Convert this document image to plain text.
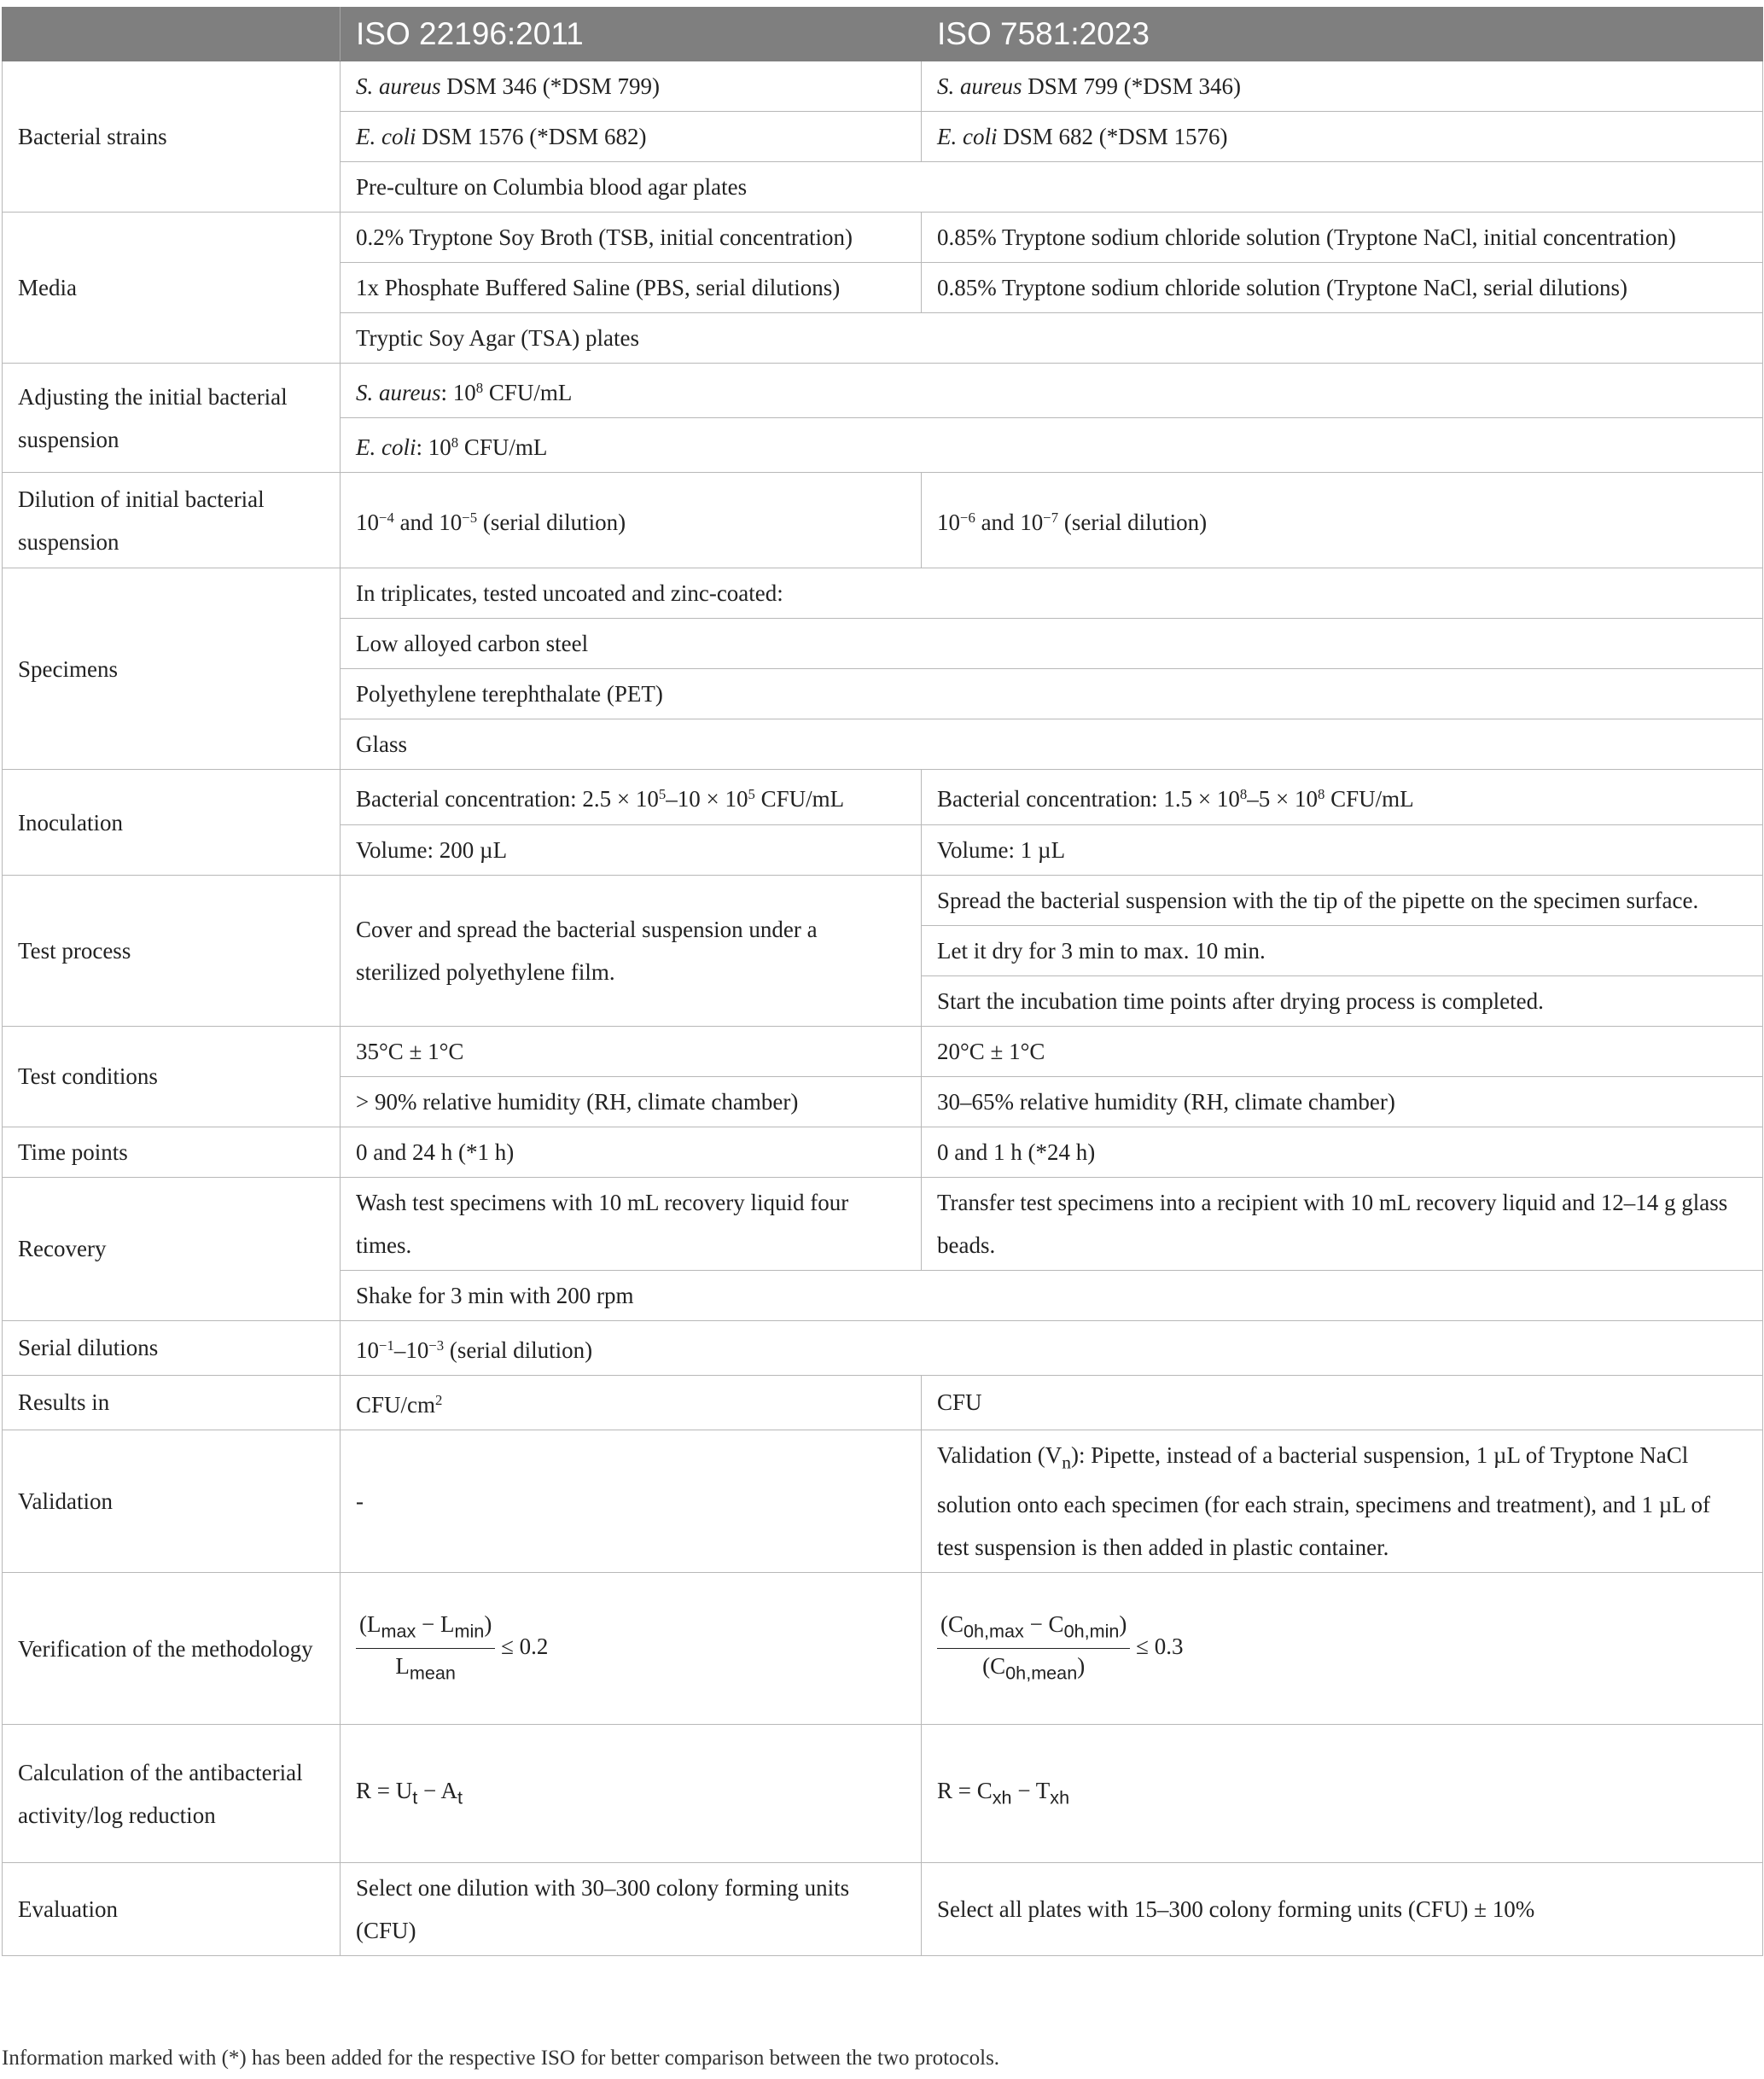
	ISO 22196:2011	ISO 7581:2023
Bacterial strains	S. aureus DSM 346 (*DSM 799)	S. aureus DSM 799 (*DSM 346)
	E. coli DSM 1576 (*DSM 682)	E. coli DSM 682 (*DSM 1576)
	Pre-culture on Columbia blood agar plates	
Media	0.2% Tryptone Soy Broth (TSB, initial concentration)	0.85% Tryptone sodium chloride solution (Tryptone NaCl, initial concentration)
	1x Phosphate Buffered Saline (PBS, serial dilutions)	0.85% Tryptone sodium chloride solution (Tryptone NaCl, serial dilutions)
	Tryptic Soy Agar (TSA) plates	
Adjusting the initial bacterial suspension	S. aureus: $10^8$ CFU/mL	
	E. coli: $10^8$ CFU/mL	
Dilution of initial bacterial suspension	$10^{-4}$ and $10^{-5}$ (serial dilution)	$10^{-6}$ and $10^{-7}$ (serial dilution)
Specimens	In triplicates, tested uncoated and zinc-coated:	
	Low alloyed carbon steel	
	Polyethylene terephthalate (PET)	
	Glass	
Inoculation	Bacterial concentration: $2.5 \times 10^5-10 \times 10^5$ CFU/mL	Bacterial concentration: $1.5 \times 10^8-5 \times 10^8$ CFU/mL
	Volume: 200 µL	Volume: 1 µL
Test process	Cover and spread the bacterial suspension under a sterilized polyethylene film.	Spread the bacterial suspension with the tip of the pipette on the specimen surface.
		Let it dry for 3 min to max. 10 min.
		Start the incubation time points after drying process is completed.
Test conditions	35°C ± 1°C	20°C ± 1°C
	> 90% relative humidity (RH, climate chamber)	30–65% relative humidity (RH, climate chamber)
Time points	0 and 24 h (*1 h)	0 and 1 h (*24 h)
Recovery	Wash test specimens with 10 mL recovery liquid four times.	Transfer test specimens into a recipient with 10 mL recovery liquid and 12–14 g glass beads.
	Shake for 3 min with 200 rpm	
Serial dilutions	$10^{-1}-10^{-3}$ (serial dilution)	
Results in	CFU/$cm^2$	CFU
Validation	-	Validation $(V_n)$: Pipette, instead of a bacterial suspension, 1 µL of Tryptone NaCl solution onto each specimen (for each strain, specimens and treatment), and 1 µL of test suspension is then added in plastic container.
Verification of the methodology	$\frac{(L_{max} - L_{min})}{L_{mean}} \le 0.2$	$\frac{(C_{0h,max} - C_{0h,min})}{(C_{0h,mean})} \le 0.3$
Calculation of the antibacterial activity/log reduction	$R = U_t - A_t$	$R = C_{xh} - T_{xh}$
Evaluation	Select one dilution with 30–300 colony forming units (CFU)	Select all plates with 15–300 colony forming units (CFU) ± 10%
Information marked with (*) has been added for the respective ISO for better comparison between the two protocols.
